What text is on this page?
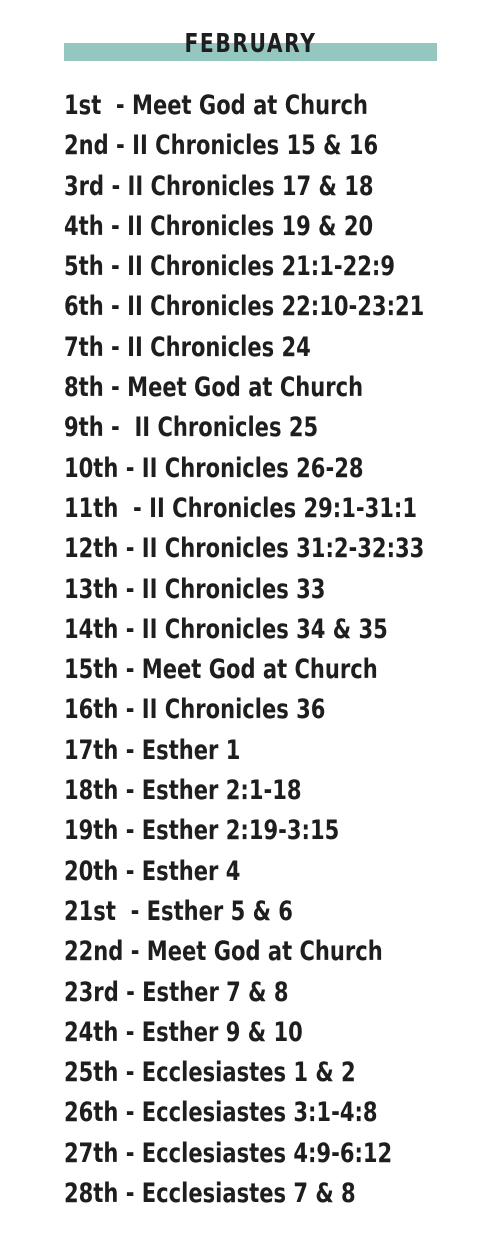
FEBRUARY
1st  - Meet God at Church
2nd - II Chronicles 15 & 16
3rd - II Chronicles 17 & 18
4th - II Chronicles 19 & 20
5th - II Chronicles 21:1-22:9
6th - II Chronicles 22:10-23:21
7th - II Chronicles 24
8th - Meet God at Church
9th -  II Chronicles 25
10th - II Chronicles 26-28
11th  - II Chronicles 29:1-31:1
12th - II Chronicles 31:2-32:33
13th - II Chronicles 33
14th - II Chronicles 34 & 35
15th - Meet God at Church
16th - II Chronicles 36
17th - Esther 1
18th - Esther 2:1-18
19th - Esther 2:19-3:15
20th - Esther 4
21st  - Esther 5 & 6
22nd - Meet God at Church
23rd - Esther 7 & 8
24th - Esther 9 & 10
25th - Ecclesiastes 1 & 2
26th - Ecclesiastes 3:1-4:8
27th - Ecclesiastes 4:9-6:12
28th - Ecclesiastes 7 & 8
